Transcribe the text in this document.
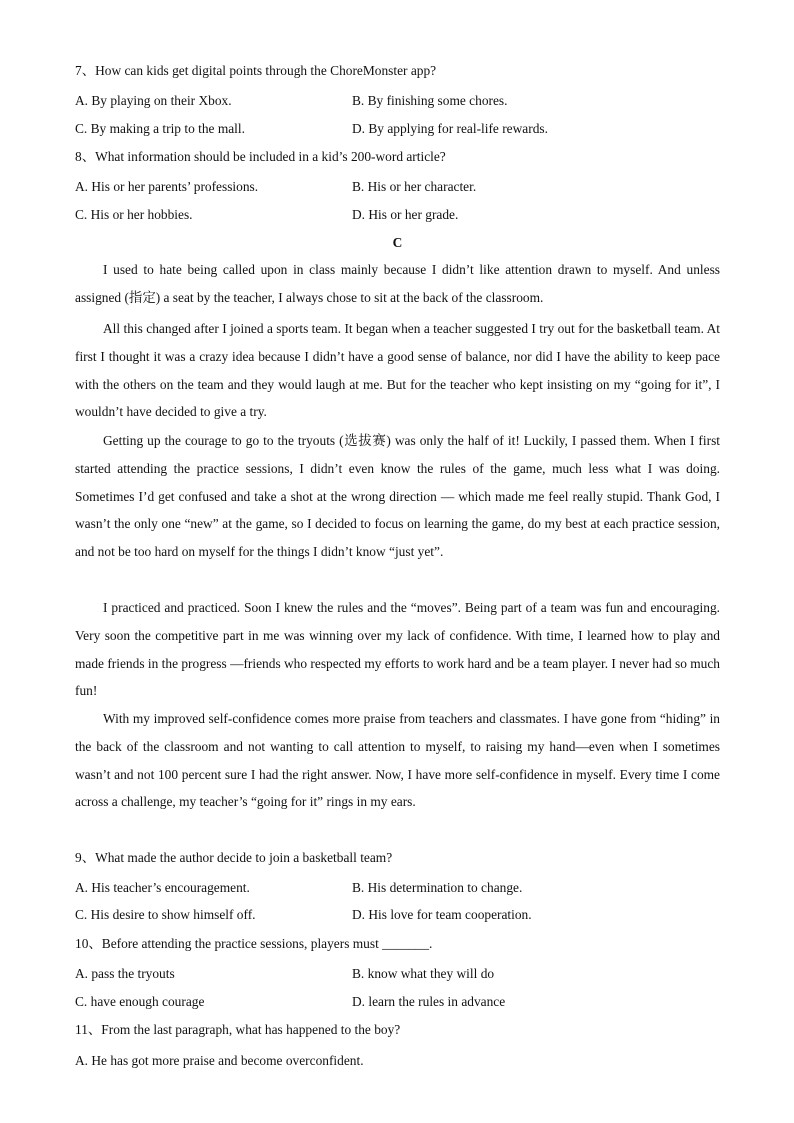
7、How can kids get digital points through the ChoreMonster app?
A. By playing on their Xbox.	B. By finishing some chores.
C. By making a trip to the mall.	D. By applying for real-life rewards.
8、What information should be included in a kid’s 200-word article?
A. His or her parents’ professions.	B. His or her character.
C. His or her hobbies.	D. His or her grade.
C

I used to hate being called upon in class mainly because I didn’t like attention drawn to myself. And unless assigned (指定) a seat by the teacher, I always chose to sit at the back of the classroom.

All this changed after I joined a sports team. It began when a teacher suggested I try out for the basketball team. At first I thought it was a crazy idea because I didn’t have a good sense of balance, nor did I have the ability to keep pace with the others on the team and they would laugh at me. But for the teacher who kept insisting on my “going for it”, I wouldn’t have decided to give a try.

Getting up the courage to go to the tryouts (选拔赛) was only the half of it! Luckily, I passed them. When I first started attending the practice sessions, I didn’t even know the rules of the game, much less what I was doing. Sometimes I’d get confused and take a shot at the wrong direction — which made me feel really stupid. Thank God, I wasn’t the only one “new” at the game, so I decided to focus on learning the game, do my best at each practice session, and not be too hard on myself for the things I didn’t know “just yet”.

I practiced and practiced. Soon I knew the rules and the “moves”. Being part of a team was fun and encouraging. Very soon the competitive part in me was winning over my lack of confidence. With time, I learned how to play and made friends in the progress —friends who respected my efforts to work hard and be a team player. I never had so much fun!

With my improved self-confidence comes more praise from teachers and classmates. I have gone from “hiding” in the back of the classroom and not wanting to call attention to myself, to raising my hand—even when I sometimes wasn’t and not 100 percent sure I had the right answer. Now, I have more self-confidence in myself. Every time I come across a challenge, my teacher’s “going for it” rings in my ears.

9、What made the author decide to join a basketball team?
A. His teacher’s encouragement.	B. His determination to change.
C. His desire to show himself off.	D. His love for team cooperation.
10、Before attending the practice sessions, players must _______.
A. pass the tryouts	B. know what they will do
C. have enough courage	D. learn the rules in advance
11、From the last paragraph, what has happened to the boy?
A. He has got more praise and become overconfident.
